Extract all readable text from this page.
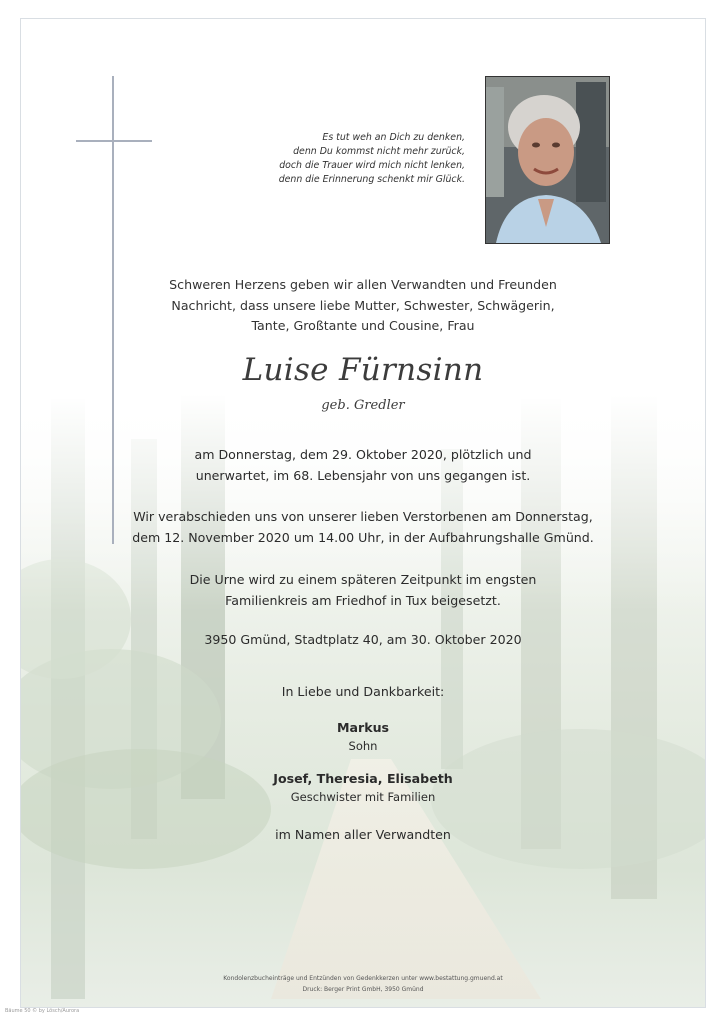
Es tut weh an Dich zu denken,
denn Du kommst nicht mehr zurück,
doch die Trauer wird mich nicht lenken,
denn die Erinnerung schenkt mir Glück.
Schweren Herzens geben wir allen Verwandten und Freunden
Nachricht, dass unsere liebe Mutter, Schwester, Schwägerin,
Tante, Großtante und Cousine, Frau
Luise Fürnsinn
geb. Gredler
am Donnerstag, dem 29. Oktober 2020, plötzlich und
unerwartet, im 68. Lebensjahr von uns gegangen ist.
Wir verabschieden uns von unserer lieben Verstorbenen am Donnerstag,
dem 12. November 2020 um 14.00 Uhr, in der Aufbahrungshalle Gmünd.
Die Urne wird zu einem späteren Zeitpunkt im engsten
Familienkreis am Friedhof in Tux beigesetzt.
3950 Gmünd, Stadtplatz 40, am 30. Oktober 2020
In Liebe und Dankbarkeit:
Markus
Sohn
Josef, Theresia, Elisabeth
Geschwister mit Familien
im Namen aller Verwandten
Kondolenzbucheinträge und Entzünden von Gedenkkerzen unter www.bestattung.gmuend.at
Druck: Berger Print GmbH, 3950 Gmünd
Bäume 50 © by Lösch/Aurora
